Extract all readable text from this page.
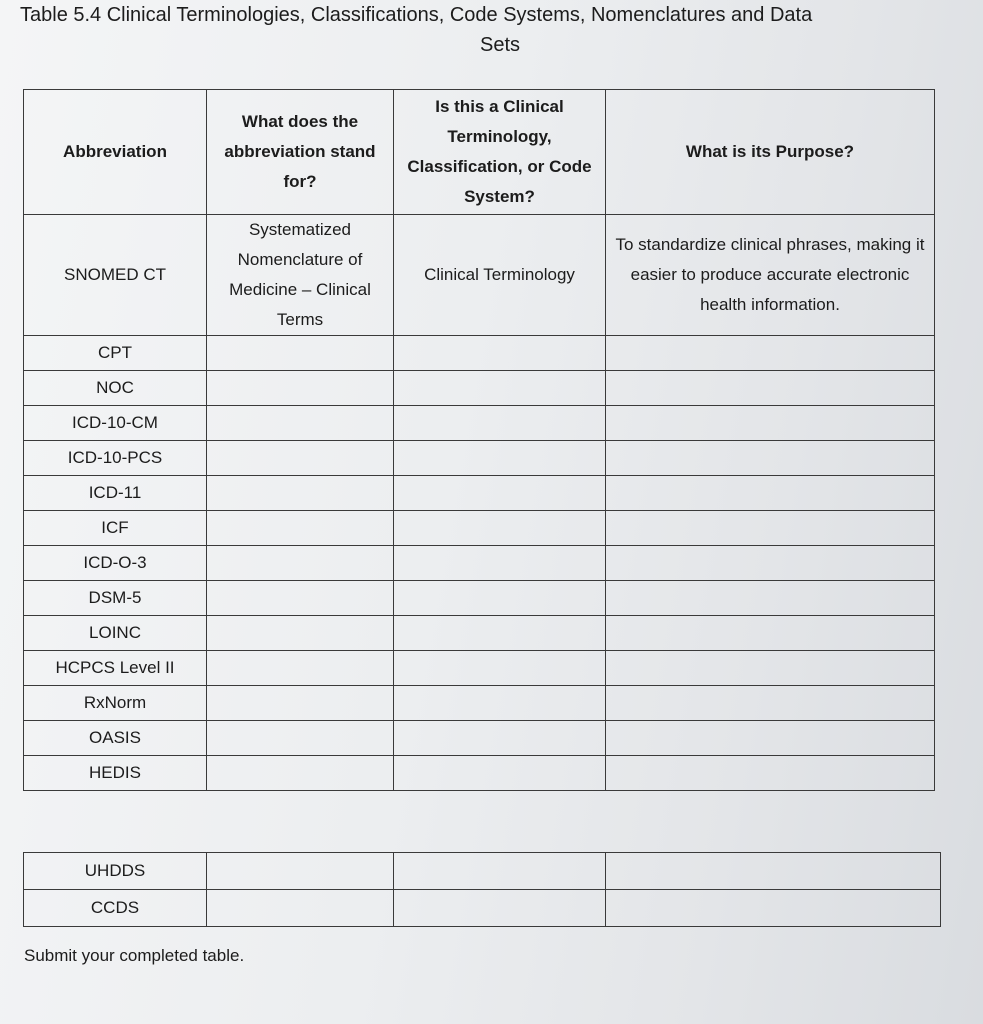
Table 5.4 Clinical Terminologies, Classifications, Code Systems, Nomenclatures and Data
Sets
Abbreviation	What does the abbreviation stand for?	Is this a Clinical Terminology, Classification, or Code System?	What is its Purpose?
SNOMED CT	Systematized Nomenclature of Medicine – Clinical Terms	Clinical Terminology	To standardize clinical phrases, making it easier to produce accurate electronic health information.
CPT			
NOC			
ICD-10-CM			
ICD-10-PCS			
ICD-11			
ICF			
ICD-O-3			
DSM-5			
LOINC			
HCPCS Level II			
RxNorm			
OASIS			
HEDIS			
UHDDS			
CCDS			
Submit your completed table.
